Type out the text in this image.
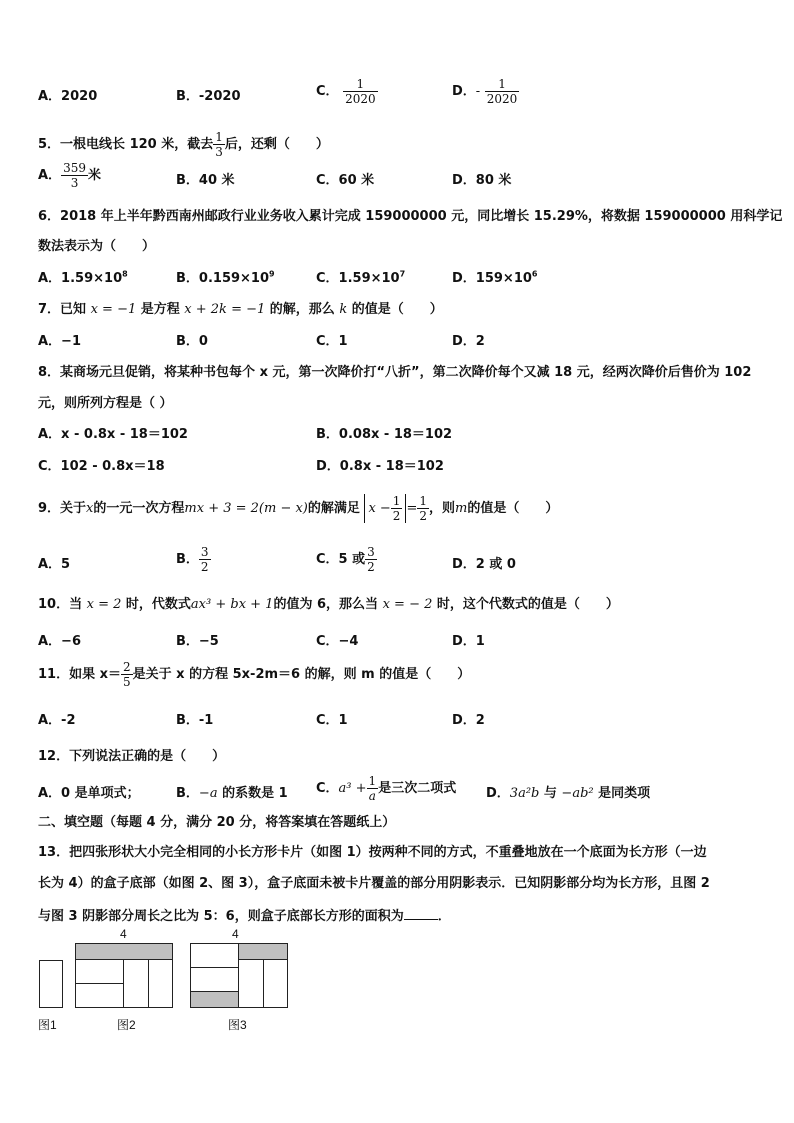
A．2020	B．-2020	C． $\frac{1}{2020}$	D．- $\frac{1}{2020}$
5．一根电线长 120 米，截去 $\frac{1}{3}$ 后，还剩（　　）
A． $\frac{359}{3}$ 米	B．40 米	C．60 米	D．80 米
6．2018 年上半年黔西南州邮政行业业务收入累计完成 159000000 元，同比增长 15.29%，将数据 159000000 用科学记
数法表示为（　　）
A．$1.59\times 10^8$	B．$0.159\times 10^9$	C．$1.59\times 10^7$	D．$159\times 10^6$
7．已知 x = −1 是方程 x + 2k = −1 的解，那么 k 的值是（　　）
A．−1	B．0	C．1	D．2
8．某商场元旦促销，将某种书包每个 x 元，第一次降价打“八折”，第二次降价每个又减 18 元，经两次降价后售价为 102
元，则所列方程是（ ）
A．x - 0.8x - 18＝102	B．0.08x - 18＝102
C．102 - 0.8x＝18	D．0.8x - 18＝102
9．关于x的一元一次方程mx + 3 = 2(m − x)的解满足 $x - \frac{1}{2} = \frac{1}{2}$ ，则m的值是（　　）
A．5	B． $\frac{3}{2}$	C．5 或 $\frac{3}{2}$	D．2 或 0
10．当 x = 2 时，代数式ax³ + bx + 1的值为 6，那么当 x = − 2 时，这个代数式的值是（　　）
A．−6	B．−5	C．−4	D．1
11．如果 $x= \frac{2}{5}$ 是关于 x 的方程 5x-2m＝6 的解，则 m 的值是（　　）
A．-2	B．-1	C．1	D．2
12．下列说法正确的是（　　）
A．0 是单项式；	B．−a 的系数是 1 C．$a^3 + \frac{1}{a}$ 是三次二项式 D．3a²b 与 −ab² 是同类项
二、填空题（每题 4 分，满分 20 分，将答案填在答题纸上）
13．把四张形状大小完全相同的小长方形卡片（如图 1）按两种不同的方式，不重叠地放在一个底面为长方形（一边
长为 4）的盒子底部（如图 2、图 3），盒子底面未被卡片覆盖的部分用阴影表示．已知阴影部分均为长方形，且图 2
与图 3 阴影部分周长之比为 5：6，则盒子底部长方形的面积为	．
图1
4
图2
4
图3
